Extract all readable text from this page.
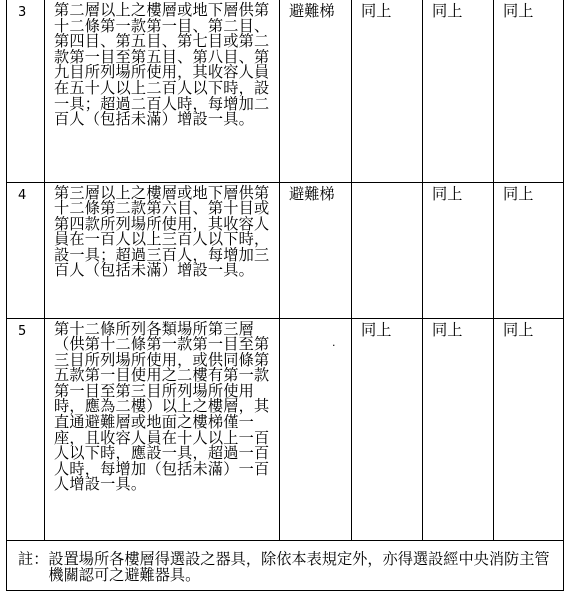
3	第二層以上之樓層或地下層供第十二條第一款第一目、第二目、第四目、第五目、第七目或第二款第一目至第五目、第八目、第九目所列場所使用，其收容人員在五十人以上二百人以下時，設一具；超過二百人時，每增加二百人（包括未滿）增設一具。	避難梯	同上	同上	同上
4	第三層以上之樓層或地下層供第十二條第二款第六目、第十目或第四款所列場所使用，其收容人員在一百人以上三百人以下時，設一具；超過三百人，每增加三百人（包括未滿）增設一具。	避難梯		同上	同上
5	第十二條所列各類場所第三層（供第十二條第一款第一目至第三目所列場所使用，或供同條第五款第一目使用之二樓有第一款第一目至第三目所列場所使用時，應為二樓）以上之樓層，其直通避難層或地面之樓梯僅一座，且收容人員在十人以上一百人以下時，應設一具，超過一百人時，每增加（包括未滿）一百人增設一具。	.	同上	同上	同上

註： 設置場所各樓層得選設之器具，除依本表規定外，亦得選設經中央消防主管機關認可之避難器具。					
